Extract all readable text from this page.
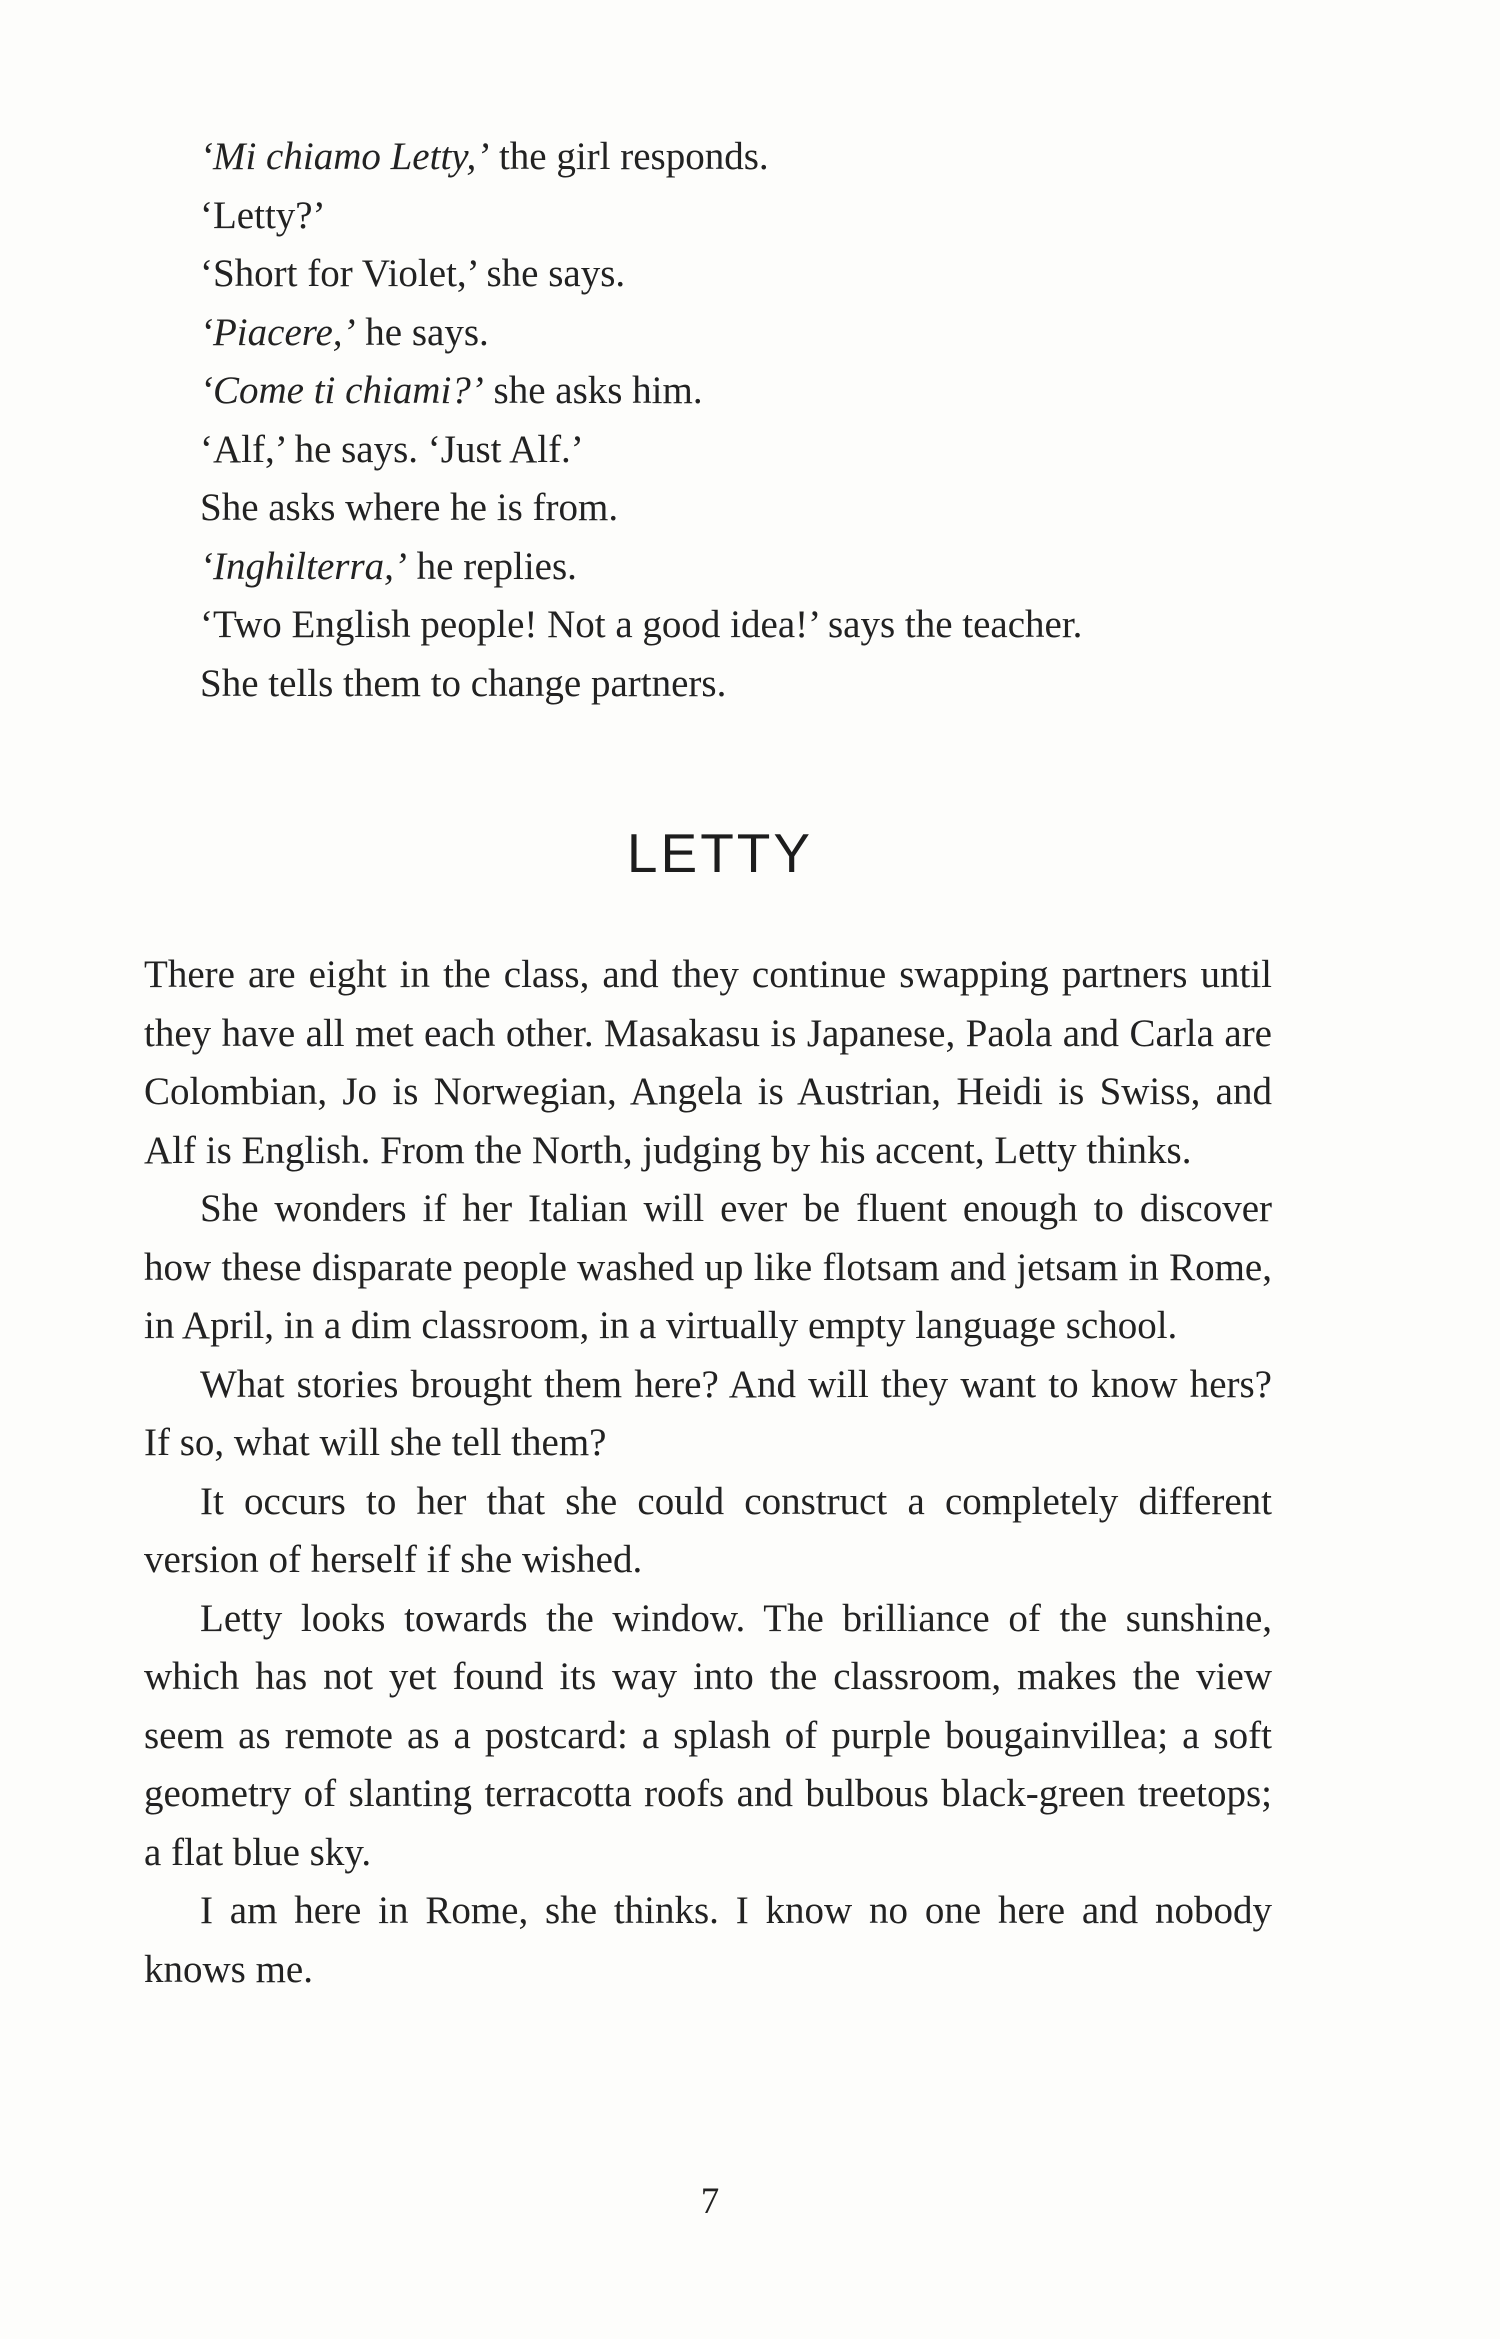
‘Mi chiamo Letty,’ the girl responds.

‘Letty?’

‘Short for Violet,’ she says.

‘Piacere,’ he says.

‘Come ti chiami?’ she asks him.

‘Alf,’ he says. ‘Just Alf.’

She asks where he is from.

‘Inghilterra,’ he replies.

‘Two English people! Not a good idea!’ says the teacher.

She tells them to change partners.

LETTY

There are eight in the class, and they continue swapping partners until they have all met each other. Masakasu is Japanese, Paola and Carla are Colombian, Jo is Norwegian, Angela is Austrian, Heidi is Swiss, and Alf is English. From the North, judging by his accent, Letty thinks.

She wonders if her Italian will ever be fluent enough to discover how these disparate people washed up like flotsam and jetsam in Rome, in April, in a dim classroom, in a virtually empty language school.

What stories brought them here? And will they want to know hers? If so, what will she tell them?

It occurs to her that she could construct a completely different version of herself if she wished.

Letty looks towards the window. The brilliance of the sunshine, which has not yet found its way into the classroom, makes the view seem as remote as a postcard: a splash of purple bougainvillea; a soft geometry of slanting terracotta roofs and bulbous black-green treetops; a flat blue sky.

I am here in Rome, she thinks. I know no one here and nobody knows me.

7
